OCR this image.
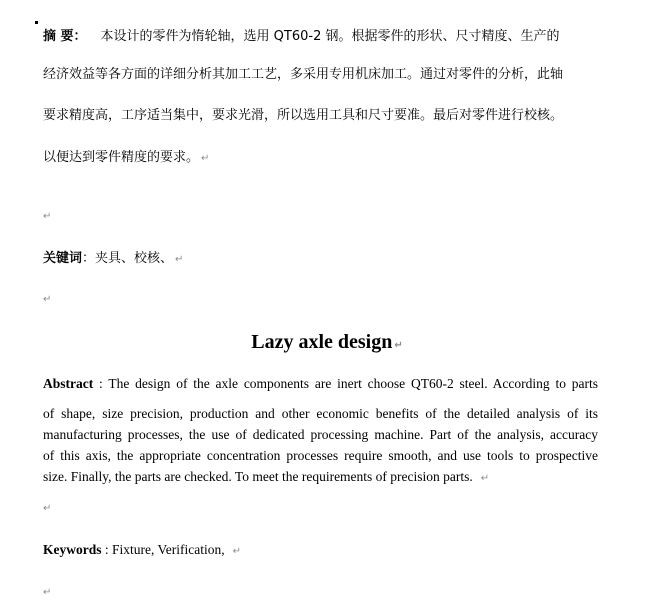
摘 要： 本设计的零件为惰轮轴，选用 QT60-2 钢。根据零件的形状、尺寸精度、生产的
经济效益等各方面的详细分析其加工工艺，多采用专用机床加工。通过对零件的分析，此轴
要求精度高，工序适当集中，要求光滑，所以选用工具和尺寸要准。最后对零件进行校核。
以便达到零件精度的要求。 ↵
↵
关键词：夹具、校核、 ↵
↵
Lazy axle design ↵
Abstract : The design of the axle components are inert choose QT60-2 steel. According to parts
of shape, size precision, production and other economic benefits of the detailed analysis of its
manufacturing processes, the use of dedicated processing machine. Part of the analysis, accuracy
of this axis, the appropriate concentration processes require smooth, and use tools to prospective
size. Finally, the parts are checked. To meet the requirements of precision parts. ↵
↵
Keywords : Fixture, Verification, ↵
↵
